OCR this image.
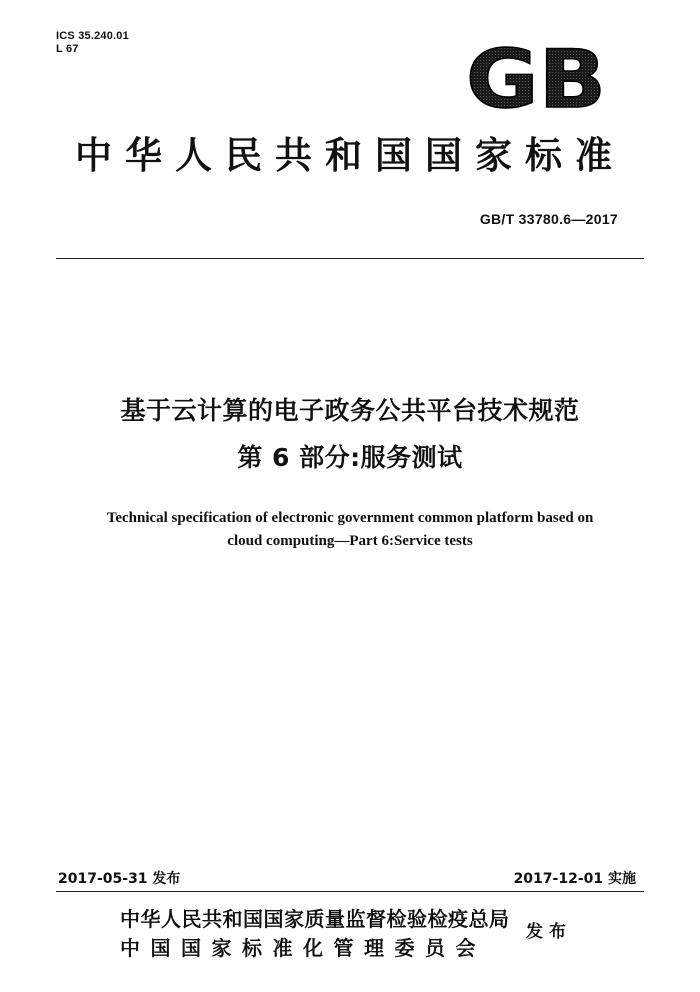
ICS 35.240.01
L 67	GB
中华人民共和国国家标准
GB/T 33780.6—2017
基于云计算的电子政务公共平台技术规范
第 6 部分:服务测试
Technical specification of electronic government common platform based on
cloud computing—Part 6:Service tests
2017-05-31 发布	2017-12-01 实施
中华人民共和国国家质量监督检验检疫总局
中国国家标准化管理委员会
发布
